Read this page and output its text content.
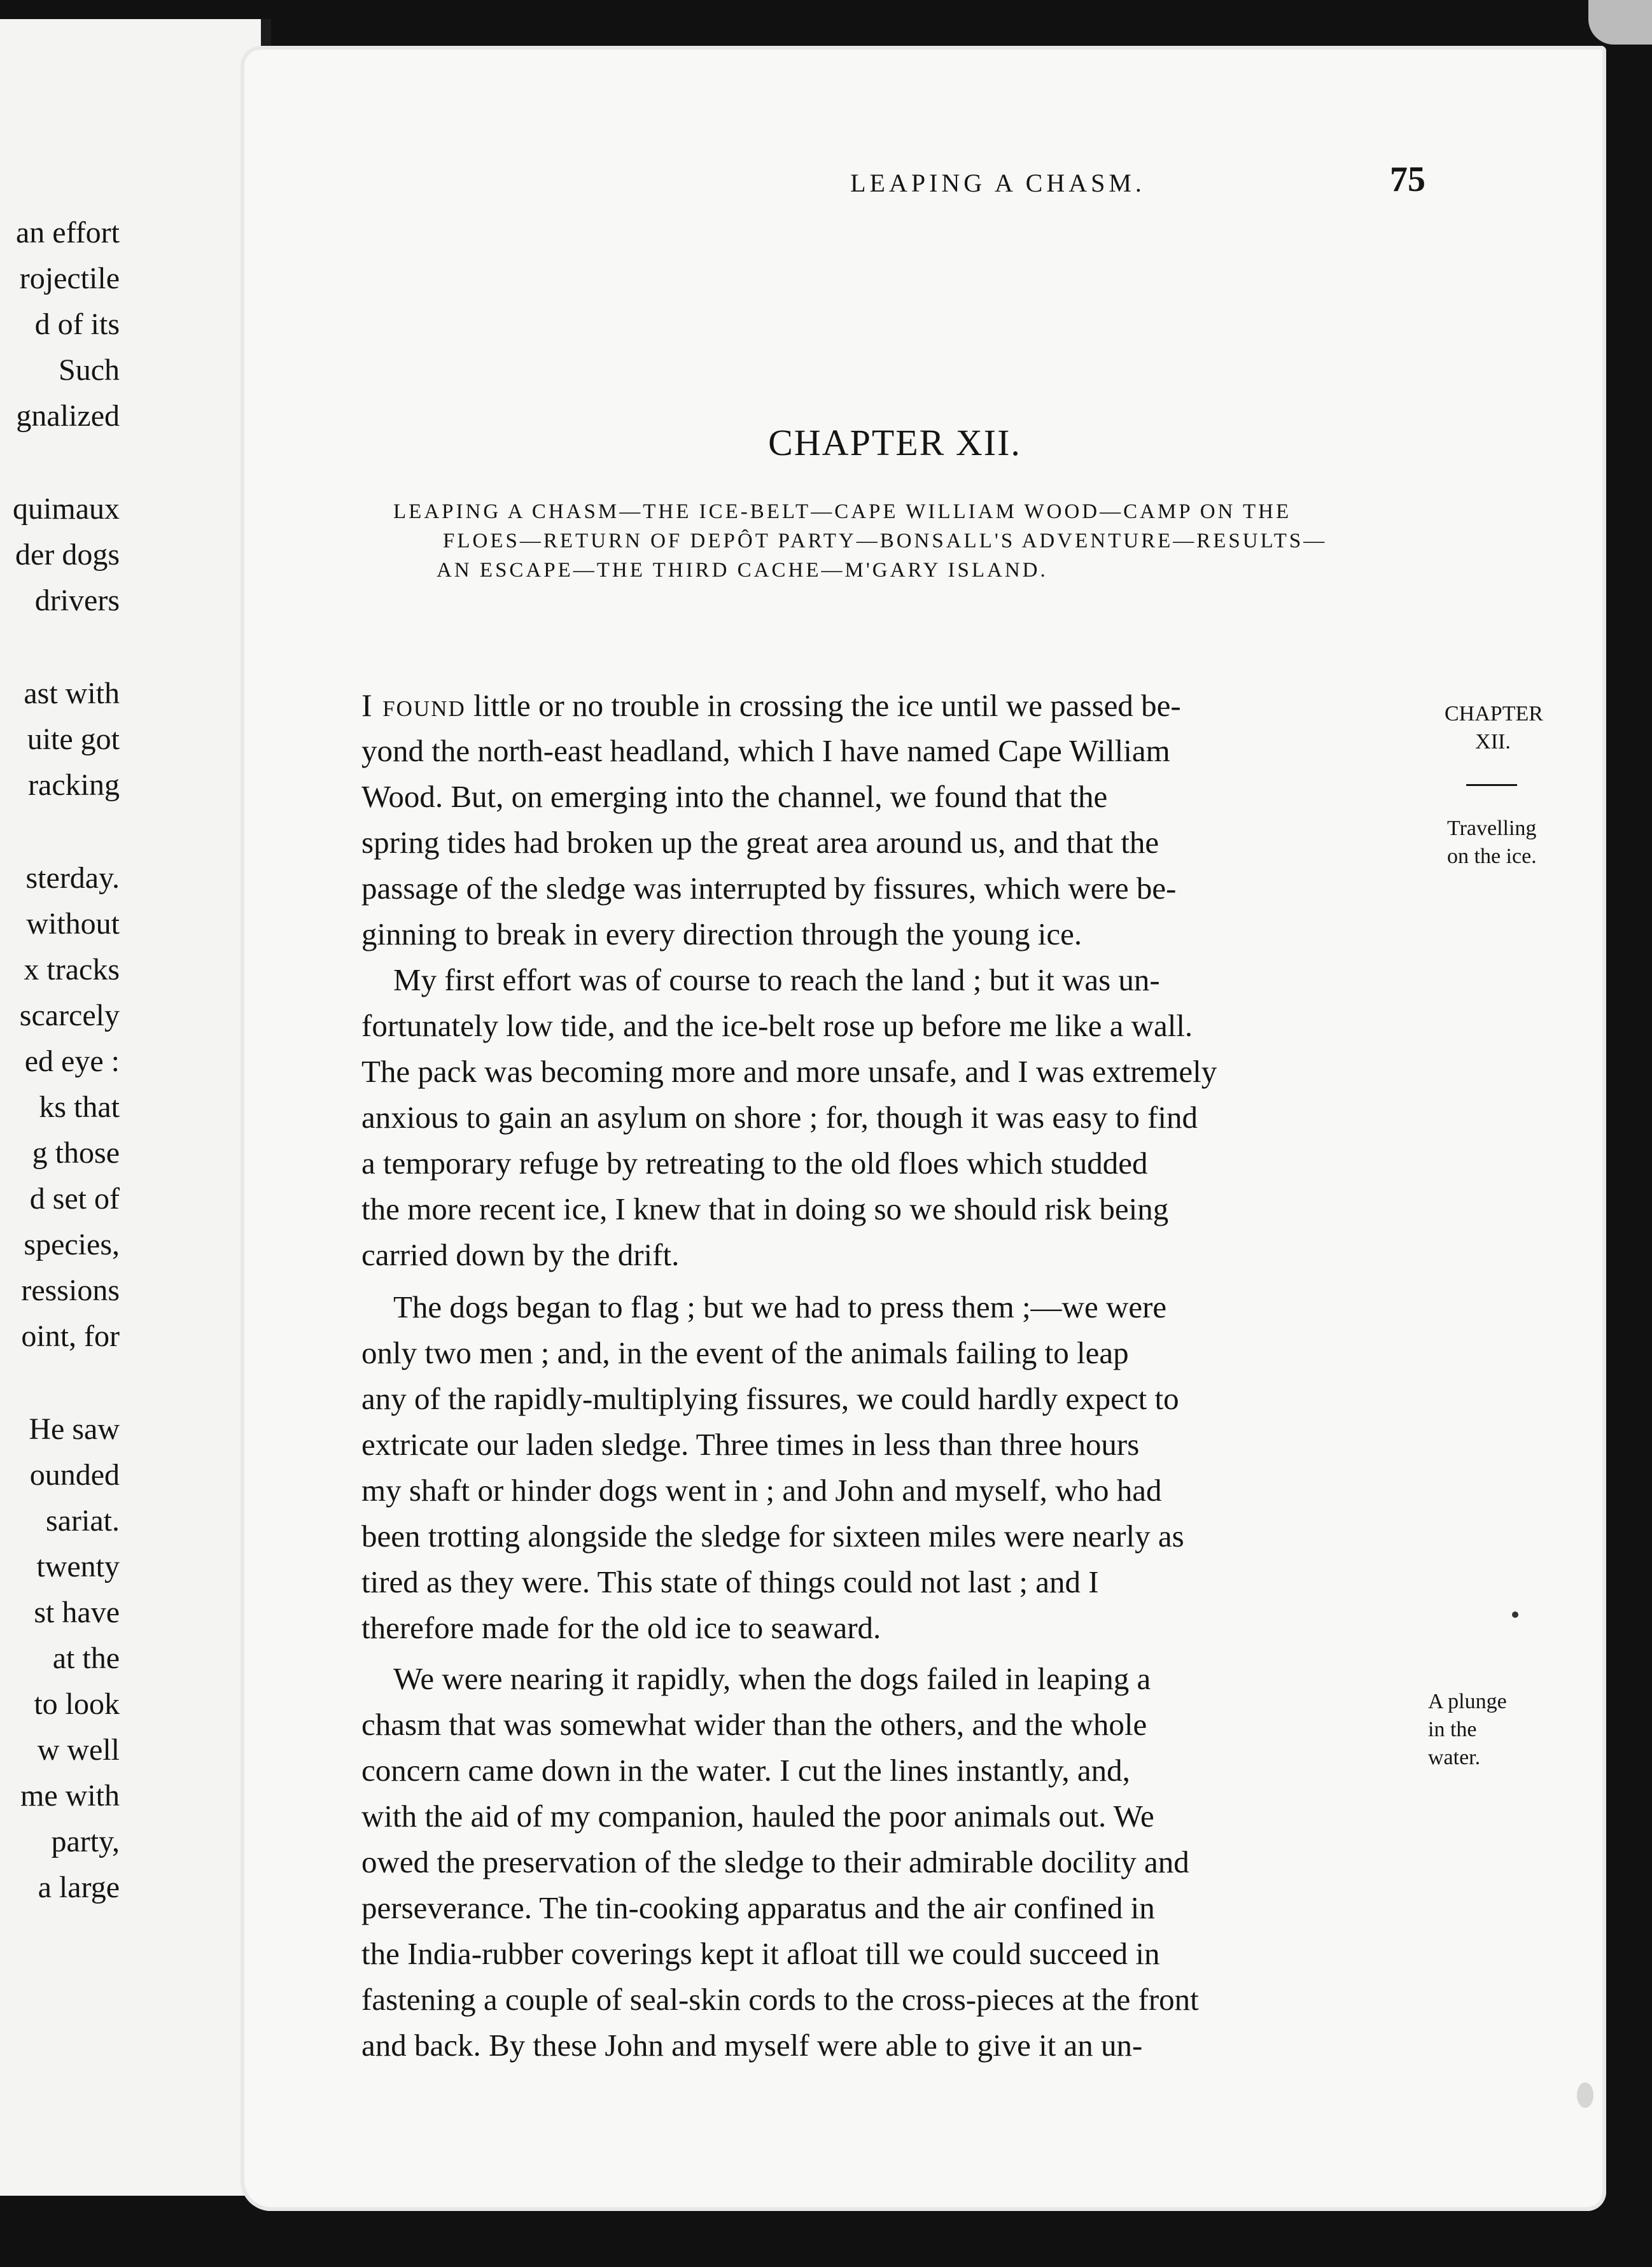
an effort
rojectile
d of its
Such
gnalized
quimaux
der dogs
drivers
ast with
uite got
racking
sterday.
without
x tracks
scarcely
ed eye :
ks that
g those
d set of
species,
ressions
oint, for
He saw
ounded
sariat.
twenty
st have
at the
to look
w well
me with
party,
a large
LEAPING A CHASM.	75
CHAPTER XII.
LEAPING A CHASM—THE ICE-BELT—CAPE WILLIAM WOOD—CAMP ON THE
FLOES—RETURN OF DEPÔT PARTY—BONSALL'S ADVENTURE—RESULTS—
AN ESCAPE—THE THIRD CACHE—M'GARY ISLAND.
I found little or no trouble in crossing the ice until we passed be-
yond the north-east headland, which I have named Cape William
Wood. But, on emerging into the channel, we found that the
spring tides had broken up the great area around us, and that the
passage of the sledge was interrupted by fissures, which were be-
ginning to break in every direction through the young ice.
My first effort was of course to reach the land ; but it was un-
fortunately low tide, and the ice-belt rose up before me like a wall.
The pack was becoming more and more unsafe, and I was extremely
anxious to gain an asylum on shore ; for, though it was easy to find
a temporary refuge by retreating to the old floes which studded
the more recent ice, I knew that in doing so we should risk being
carried down by the drift.
The dogs began to flag ; but we had to press them ;—we were
only two men ; and, in the event of the animals failing to leap
any of the rapidly-multiplying fissures, we could hardly expect to
extricate our laden sledge. Three times in less than three hours
my shaft or hinder dogs went in ; and John and myself, who had
been trotting alongside the sledge for sixteen miles were nearly as
tired as they were. This state of things could not last ; and I
therefore made for the old ice to seaward.
We were nearing it rapidly, when the dogs failed in leaping a
chasm that was somewhat wider than the others, and the whole
concern came down in the water. I cut the lines instantly, and,
with the aid of my companion, hauled the poor animals out. We
owed the preservation of the sledge to their admirable docility and
perseverance. The tin-cooking apparatus and the air confined in
the India-rubber coverings kept it afloat till we could succeed in
fastening a couple of seal-skin cords to the cross-pieces at the front
and back. By these John and myself were able to give it an un-
CHAPTER
XII.
Travelling
on the ice.
A plunge
in the
water.
